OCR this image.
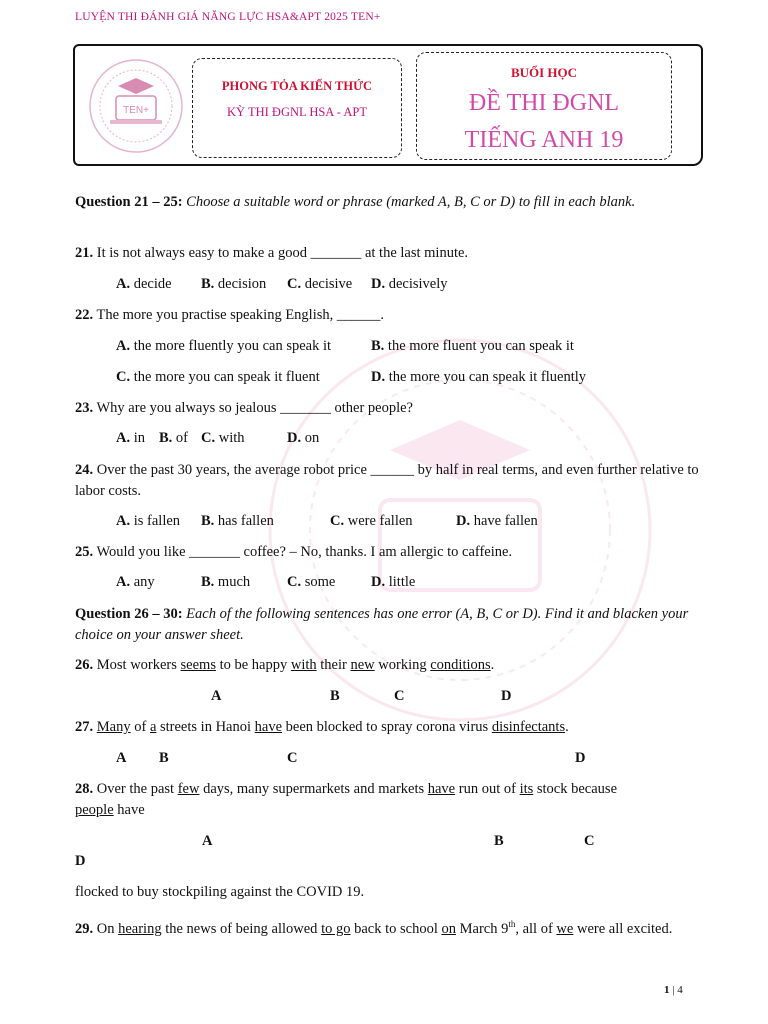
LUYỆN THI ĐÁNH GIÁ NĂNG LỰC HSA&APT 2025 TEN+
TEN+
PHONG TỎA KIẾN THỨC
KỲ THI ĐGNL HSA - APT
BUỔI HỌC
ĐỀ THI ĐGNL
TIẾNG ANH 19
Question 21 – 25: Choose a suitable word or phrase (marked A, B, C or D) to fill in each blank.
21. It is not always easy to make a good _______ at the last minute.
A. decide B. decision C. decisive D. decisively
22. The more you practise speaking English, ______.
A. the more fluently you can speak it	B. the more fluent you can speak it
C. the more you can speak it fluent	D. the more you can speak it fluently
23. Why are you always so jealous _______ other people?
A. in B. of C. with	D. on
24. Over the past 30 years, the average robot price ______ by half in real terms, and even further relative to labor costs.
A. is fallen B. has fallen	C. were fallen	D. have fallen
25. Would you like _______ coffee? – No, thanks. I am allergic to caffeine.
A. any	B. much	C. some D. little
Question 26 – 30: Each of the following sentences has one error (A, B, C or D). Find it and blacken your choice on your answer sheet.
26. Most workers seems to be happy with their new working conditions.
A	B	C	D
27. Many of a streets in Hanoi have been blocked to spray corona virus disinfectants.
A B	C	D
28. Over the past few days, many supermarkets and markets have run out of its stock because
people have
A	B	C
D
flocked to buy stockpiling against the COVID 19.
29. On hearing the news of being allowed to go back to school on March 9th, all of we were all excited.
1 | 4
